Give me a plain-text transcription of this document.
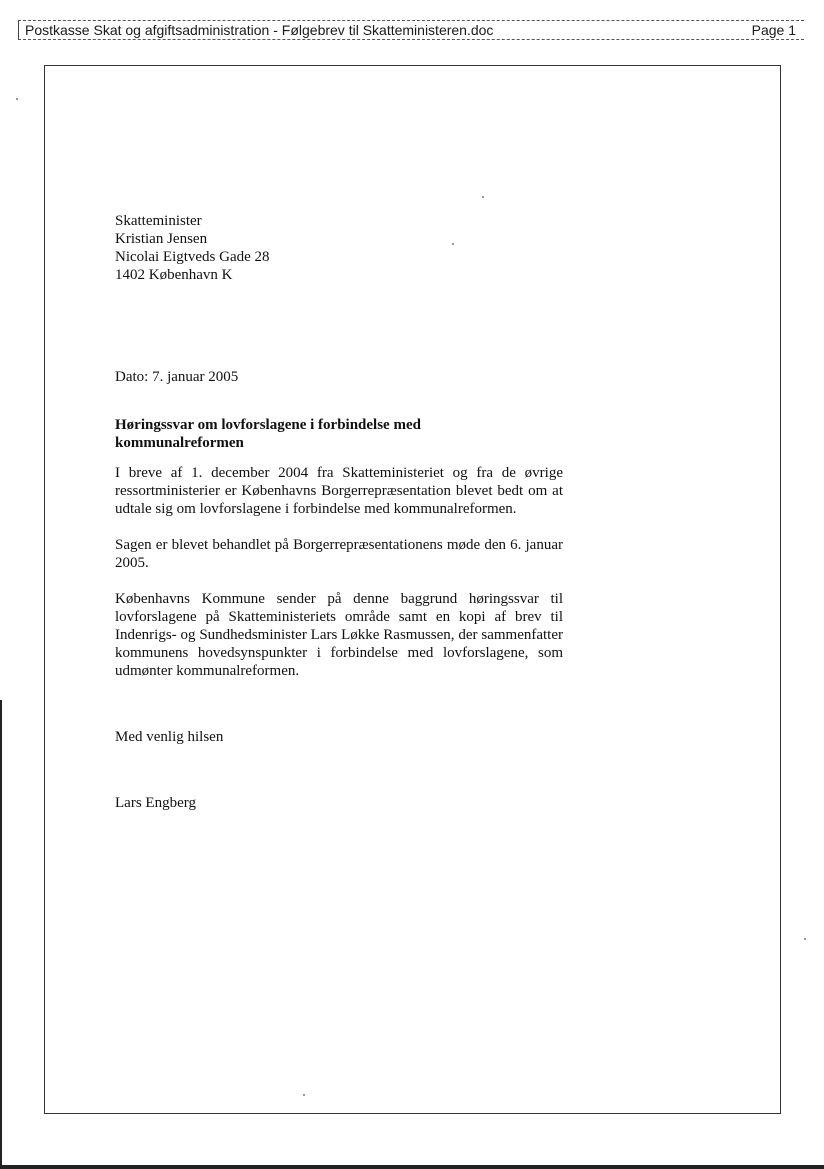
Postkasse Skat og afgiftsadministration - Følgebrev til Skatteministeren.doc	Page 1
Skatteminister
Kristian Jensen
Nicolai Eigtveds Gade 28
1402 København K
Dato: 7. januar 2005
Høringssvar om lovforslagene i forbindelse med kommunalreformen
I breve af 1. december 2004 fra Skatteministeriet og fra de øvrige ressortministerier er Københavns Borgerrepræsentation blevet bedt om at udtale sig om lovforslagene i forbindelse med kommunalreformen.
Sagen er blevet behandlet på Borgerrepræsentationens møde den 6. januar 2005.
Københavns Kommune sender på denne baggrund høringssvar til lovforslagene på Skatteministeriets område samt en kopi af brev til Indenrigs- og Sundhedsminister Lars Løkke Rasmussen, der sammenfatter kommunens hovedsynspunkter i forbindelse med lovforslagene, som udmønter kommunalreformen.
Med venlig hilsen
Lars Engberg
